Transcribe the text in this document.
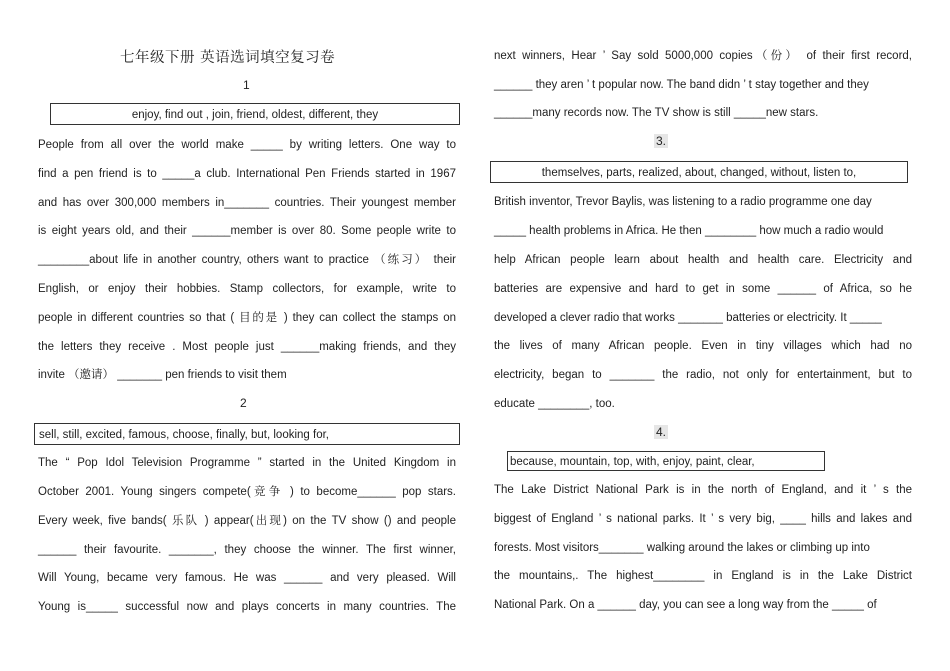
七年级下册 英语选词填空复习卷
1
enjoy, find out , join, friend, oldest, different, they
People from all over the world make _____ by writing letters. One way to
find a pen friend is to _____a club. International Pen Friends started in 1967
and has over 300,000 members in_______ countries. Their youngest member
is eight years old, and their ______member is over 80. Some people write to
________about life in another country, others want to practice （练习） their
English, or enjoy their hobbies. Stamp collectors, for example, write to
people in different countries so that ( 目的是 ) they can collect the stamps on
the letters they receive . Most people just ______making friends, and they
invite （邀请） _______ pen friends to visit them
2
sell, still, excited, famous, choose, finally, but, looking for,
The “ Pop Idol Television Programme ” started in the United Kingdom in
October 2001. Young singers compete(竞争 ) to become______ pop stars.
Every week, five bands( 乐队 ) appear(出现) on the TV show () and people
______ their favourite. _______, they choose the winner. The first winner,
Will Young, became very famous. He was ______ and very pleased. Will
Young is_____ successful now and plays concerts in many countries. The
next winners, Hear ’ Say sold 5000,000 copies（份） of their first record,
______ they aren ’ t popular now. The band didn ’ t stay together and they
______many records now. The TV show is still _____new stars.
3.
themselves, parts, realized, about, changed, without, listen to,
British inventor, Trevor Baylis, was listening to a radio programme one day
_____ health problems in Africa. He then ________ how much a radio would
help African people learn about health and health care. Electricity and
batteries are expensive and hard to get in some ______ of Africa, so he
developed a clever radio that works _______ batteries or electricity. It _____
the lives of many African people. Even in tiny villages which had no
electricity, began to _______ the radio, not only for entertainment, but to
educate ________, too.
4.
because, mountain, top, with, enjoy, paint, clear,
The Lake District National Park is in the north of England, and it ’ s the
biggest of England ’ s national parks. It ’ s very big, ____ hills and lakes and
forests. Most visitors_______ walking around the lakes or climbing up into
the mountains,. The highest________ in England is in the Lake District
National Park. On a ______ day, you can see a long way from the _____ of
